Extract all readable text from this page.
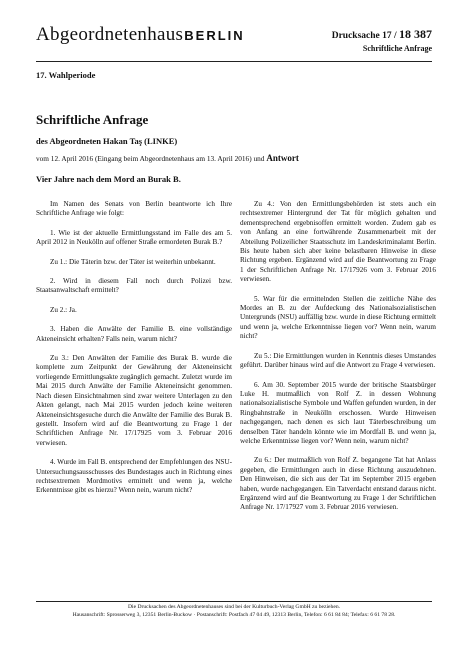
AbgeordnetenhausBERLIN	Drucksache 17 / 18 387
Schriftliche Anfrage
17. Wahlperiode
Schriftliche Anfrage
des Abgeordneten Hakan Taş (LINKE)
vom 12. April 2016 (Eingang beim Abgeordnetenhaus am 13. April 2016) und Antwort
Vier Jahre nach dem Mord an Burak B.

Im Namen des Senats von Berlin beantworte ich Ihre Schriftliche Anfrage wie folgt:

1. Wie ist der aktuelle Ermittlungsstand im Falle des am 5. April 2012 in Neukölln auf offener Straße ermordeten Burak B.?

Zu 1.: Die Täterin bzw. der Täter ist weiterhin unbekannt.

2. Wird in diesem Fall noch durch Polizei bzw. Staatsanwaltschaft ermittelt?

Zu 2.: Ja.

3. Haben die Anwälte der Familie B. eine vollständige Akteneinsicht erhalten? Falls nein, warum nicht?

Zu 3.: Den Anwälten der Familie des Burak B. wurde die komplette zum Zeitpunkt der Gewährung der Akteneinsicht vorliegende Ermittlungsakte zugänglich gemacht. Zuletzt wurde im Mai 2015 durch Anwälte der Familie Akteneinsicht genommen. Nach diesen Einsichtnahmen sind zwar weitere Unterlagen zu den Akten gelangt, nach Mai 2015 wurden jedoch keine weiteren Akteneinsichtsgesuche durch die Anwälte der Familie des Burak B. gestellt. Insofern wird auf die Beantwortung zu Frage 1 der Schriftlichen Anfrage Nr. 17/17925 vom 3. Februar 2016 verwiesen.

4. Wurde im Fall B. entsprechend der Empfehlungen des NSU-Untersuchungsausschusses des Bundestages auch in Richtung eines rechtsextremen Mordmotivs ermittelt und wenn ja, welche Erkenntnisse gibt es hierzu? Wenn nein, warum nicht?

Zu 4.: Von den Ermittlungsbehörden ist stets auch ein rechtsextremer Hintergrund der Tat für möglich gehalten und dementsprechend ergebnisoffen ermittelt worden. Zudem gab es von Anfang an eine fortwährende Zusammenarbeit mit der Abteilung Polizeilicher Staatsschutz im Landeskriminalamt Berlin. Bis heute haben sich aber keine belastbaren Hinweise in diese Richtung ergeben. Ergänzend wird auf die Beantwortung zu Frage 1 der Schriftlichen Anfrage Nr. 17/17926 vom 3. Februar 2016 verwiesen.

5. War für die ermittelnden Stellen die zeitliche Nähe des Mordes an B. zu der Aufdeckung des Nationalsozialistischen Untergrunds (NSU) auffällig bzw. wurde in diese Richtung ermittelt und wenn ja, welche Erkenntnisse liegen vor? Wenn nein, warum nicht?

Zu 5.: Die Ermittlungen wurden in Kenntnis dieses Umstandes geführt. Darüber hinaus wird auf die Antwort zu Frage 4 verwiesen.

6. Am 30. September 2015 wurde der britische Staatsbürger Luke H. mutmaßlich von Rolf Z. in dessen Wohnung nationalsozialistische Symbole und Waffen gefunden wurden, in der Ringbahnstraße in Neukölln erschossen. Wurde Hinweisen nachgegangen, nach denen es sich laut Täterbeschreibung um denselben Täter handeln könnte wie im Mordfall B. und wenn ja, welche Erkenntnisse liegen vor? Wenn nein, warum nicht?

Zu 6.: Der mutmaßlich von Rolf Z. begangene Tat hat Anlass gegeben, die Ermittlungen auch in diese Richtung auszudehnen. Den Hinweisen, die sich aus der Tat im September 2015 ergeben haben, wurde nachgegangen. Ein Tatverdacht entstand daraus nicht. Ergänzend wird auf die Beantwortung zu Frage 1 der Schriftlichen Anfrage Nr. 17/17927 vom 3. Februar 2016 verwiesen.

Die Drucksachen des Abgeordnetenhauses sind bei der Kulturbuch-Verlag GmbH zu beziehen.
Hausanschrift: Sprosserweg 3, 12351 Berlin-Buckow · Postanschrift: Postfach 47 04 49, 12313 Berlin, Telefon: 6 61 84 84; Telefax: 6 61 78 28.
